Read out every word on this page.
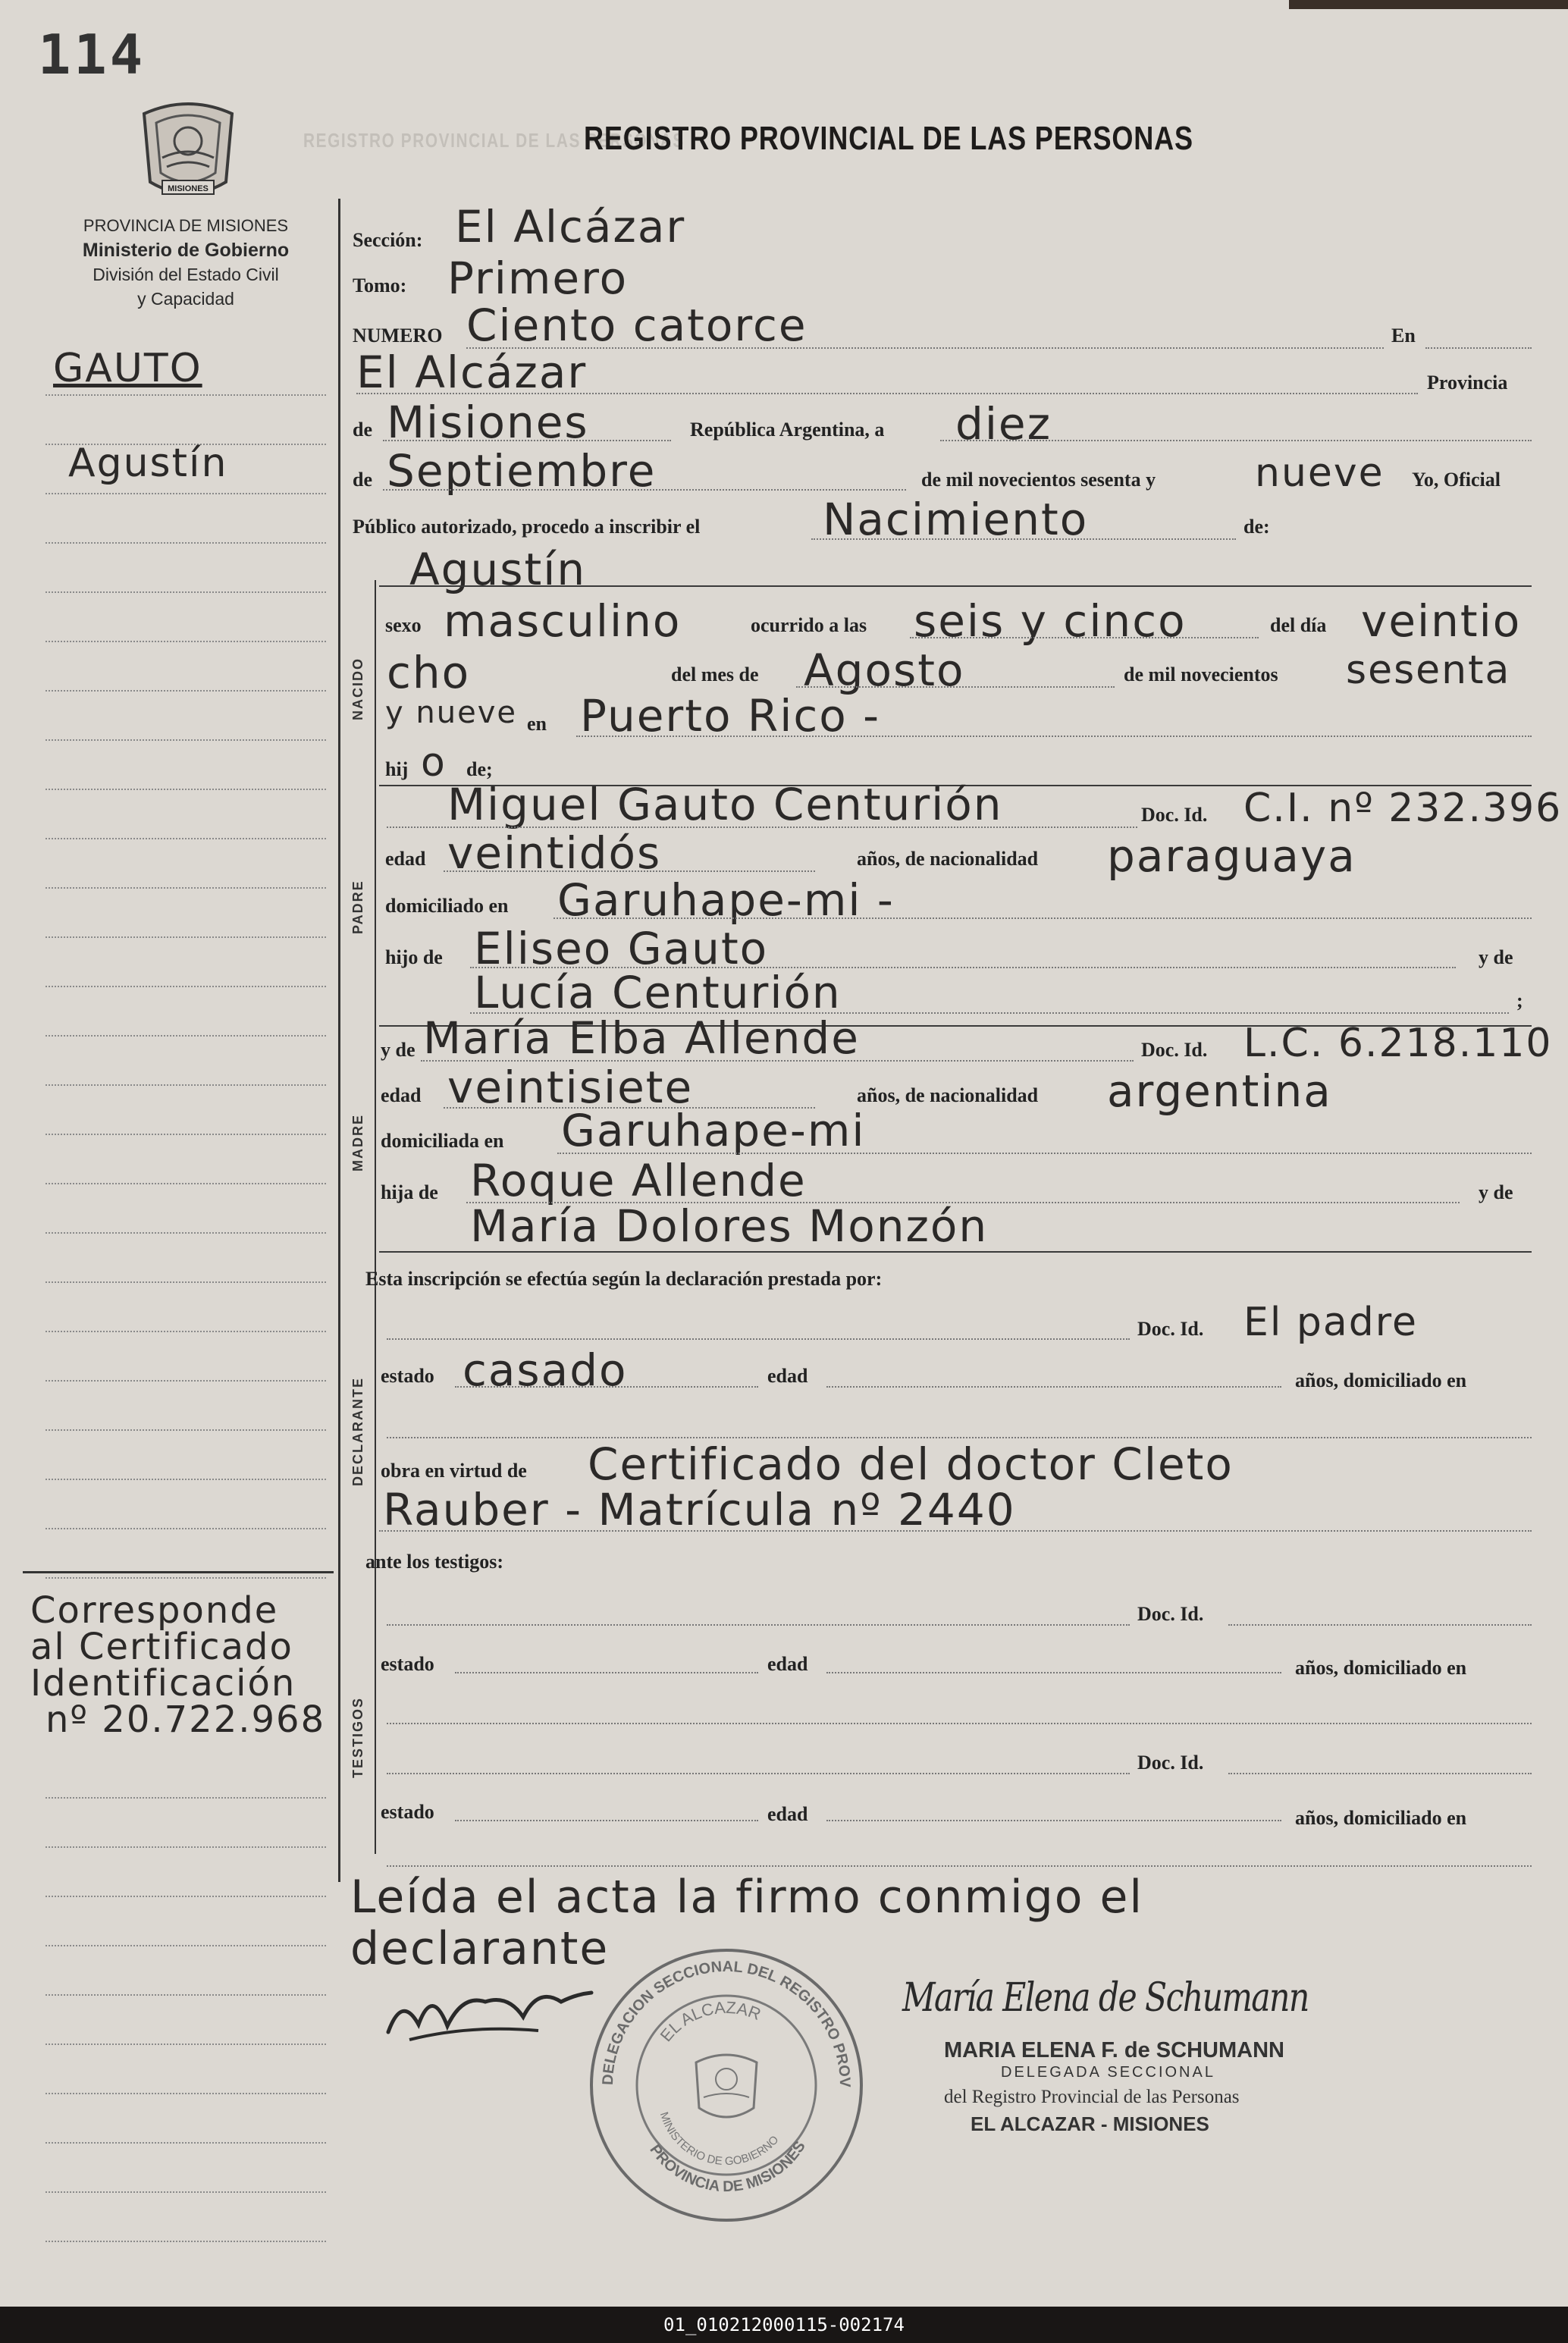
114
MISIONES
REGISTRO PROVINCIAL DE LAS PERSONAS
REGISTRO PROVINCIAL DE LAS PERSONAS
PROVINCIA DE MISIONES
Ministerio de Gobierno
División del Estado Civil
y Capacidad
GAUTO
Agustín
Corresponde
al Certificado
Identificación
nº 20.722.968
Sección: El Alcázar
Tomo: Primero
NUMERO Ciento catorce	En
El Alcázar	Provincia
de Misiones	República Argentina, a diez
de Septiembre	de mil novecientos sesenta y	nueve Yo, Oficial
Público autorizado, procedo a inscribir el	Nacimiento	de:
Agustín
NACIDO
sexo masculino	ocurrido a las seis y cinco	del día veintio
cho	del mes de Agosto	de mil novecientos sesenta
y nueve en Puerto Rico -
hij o de;
PADRE
Miguel Gauto Centurión	Doc. Id. C.I. nº 232.396
edad veintidós	años, de nacionalidad paraguaya
domiciliado en Garuhape-mi -
hijo de Eliseo Gauto	y de
Lucía Centurión	;
MADRE
y de María Elba Allende	Doc. Id. L.C. 6.218.110
edad veintisiete	años, de nacionalidad argentina
domiciliada en Garuhape-mi
hija de Roque Allende	y de
María Dolores Monzón
Esta inscripción se efectúa según la declaración prestada por:
DECLARANTE
Doc. Id. El padre
estado casado	edad	años, domiciliado en
obra en virtud de Certificado del doctor Cleto
Rauber - Matrícula nº 2440
ante los testigos:
TESTIGOS
Doc. Id.
estado	edad	años, domiciliado en
Doc. Id.
estado	edad	años, domiciliado en
Leída el acta la firmo conmigo el
declarante
M.G.
María Elena de Schumann
MARIA ELENA F. de SCHUMANN
DELEGADA SECCIONAL
del Registro Provincial de las Personas
EL ALCAZAR - MISIONES
DELEGACION SECCIONAL DEL REGISTRO PROV
PROVINCIA DE MISIONES
EL ALCAZAR
MINISTERIO DE GOBIERNO
01_010212000115-002174
